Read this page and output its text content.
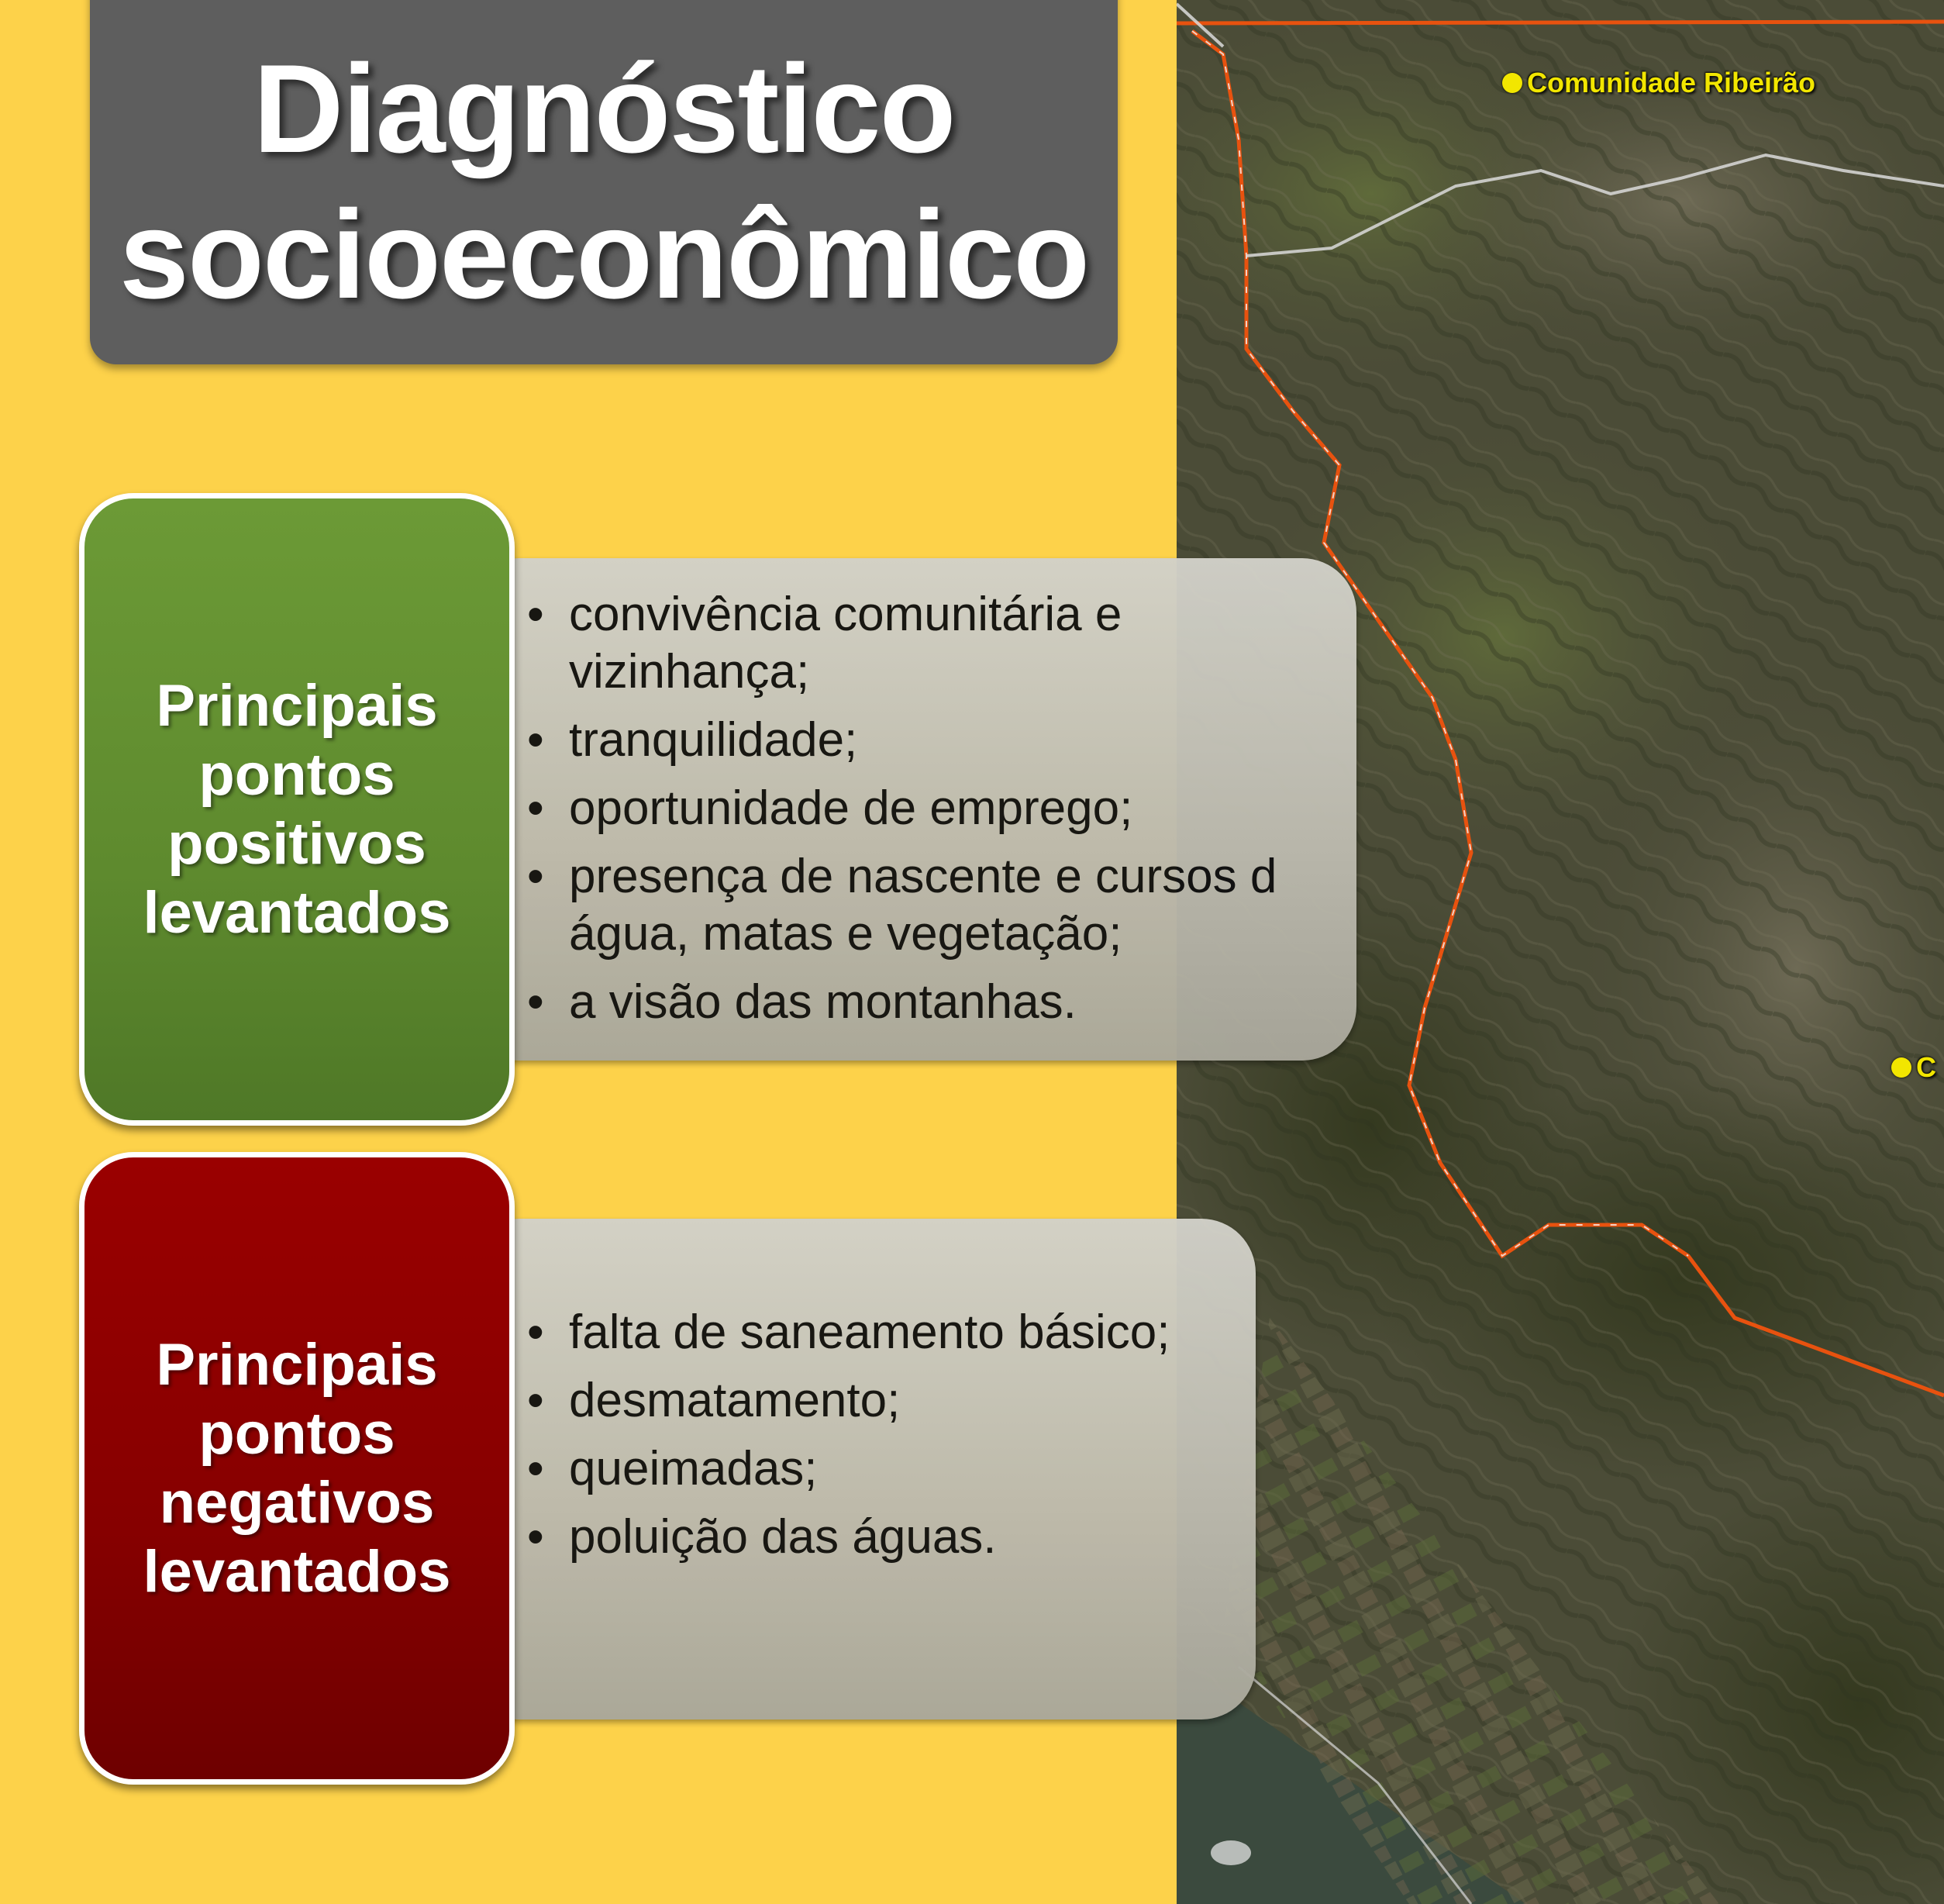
Comunidade Ribeirão
C
Diagnóstico
socioeconômico
• convivência comunitária e vizinhança;
• tranquilidade;
• oportunidade de emprego;
• presença de nascente e cursos d água, matas e vegetação;
• a visão das montanhas.
Principais
pontos
positivos
levantados
• falta de saneamento básico;
• desmatamento;
• queimadas;
• poluição das águas.
Principais
pontos
negativos
levantados
